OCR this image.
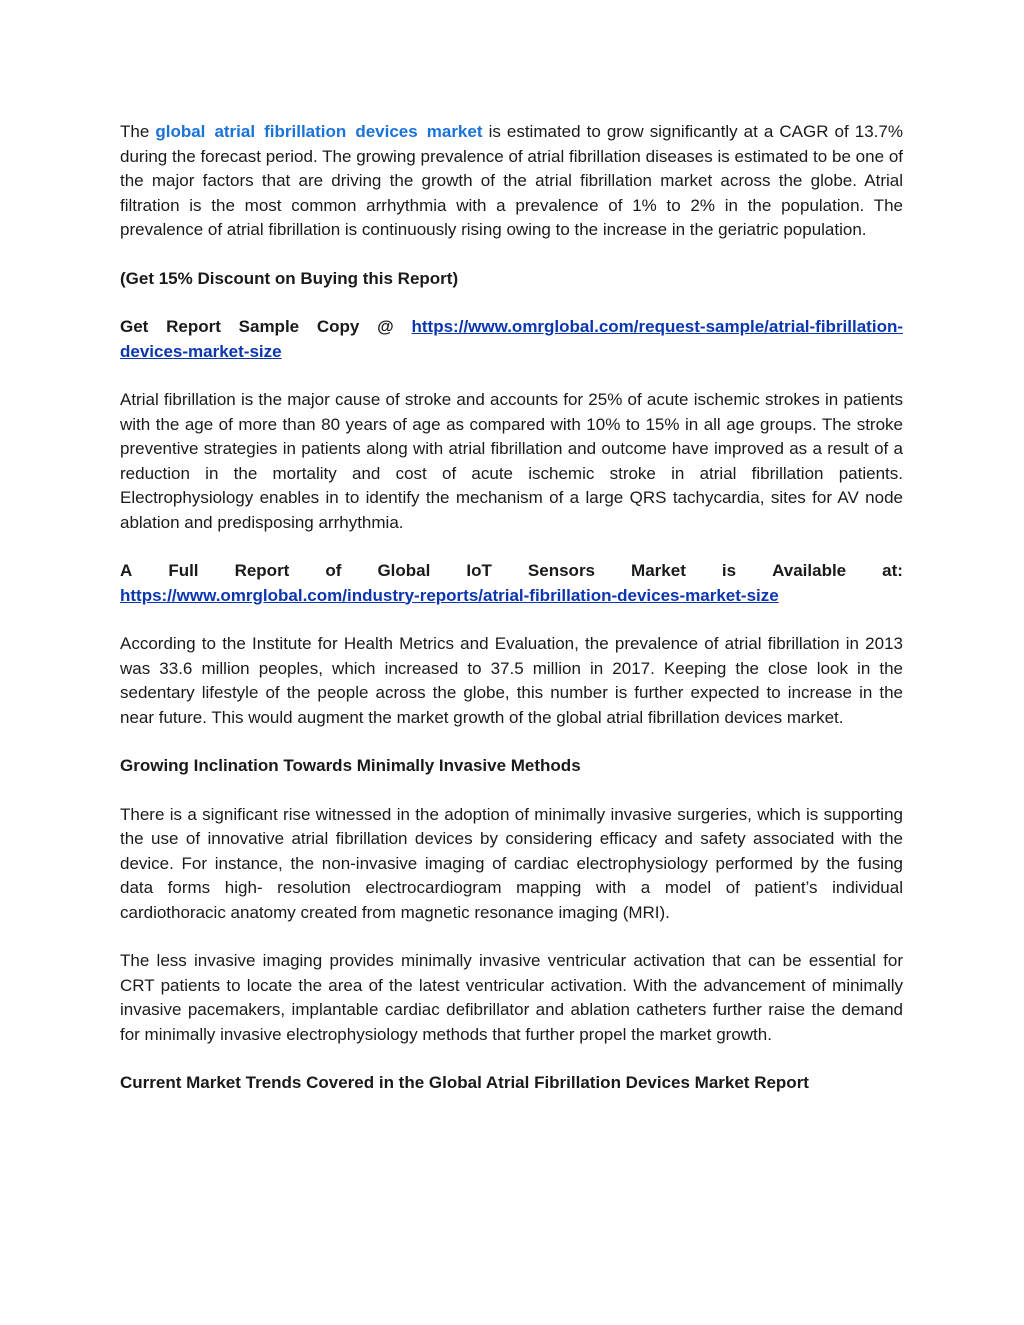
The global atrial fibrillation devices market is estimated to grow significantly at a CAGR of 13.7% during the forecast period. The growing prevalence of atrial fibrillation diseases is estimated to be one of the major factors that are driving the growth of the atrial fibrillation market across the globe. Atrial filtration is the most common arrhythmia with a prevalence of 1% to 2% in the population. The prevalence of atrial fibrillation is continuously rising owing to the increase in the geriatric population.

(Get 15% Discount on Buying this Report)

Get Report Sample Copy @ https://www.omrglobal.com/request-sample/atrial-fibrillation-devices-market-size

Atrial fibrillation is the major cause of stroke and accounts for 25% of acute ischemic strokes in patients with the age of more than 80 years of age as compared with 10% to 15% in all age groups. The stroke preventive strategies in patients along with atrial fibrillation and outcome have improved as a result of a reduction in the mortality and cost of acute ischemic stroke in atrial fibrillation patients. Electrophysiology enables in to identify the mechanism of a large QRS tachycardia, sites for AV node ablation and predisposing arrhythmia.

A Full Report of Global IoT Sensors Market is Available at:

https://www.omrglobal.com/industry-reports/atrial-fibrillation-devices-market-size

According to the Institute for Health Metrics and Evaluation, the prevalence of atrial fibrillation in 2013 was 33.6 million peoples, which increased to 37.5 million in 2017. Keeping the close look in the sedentary lifestyle of the people across the globe, this number is further expected to increase in the near future. This would augment the market growth of the global atrial fibrillation devices market.

Growing Inclination Towards Minimally Invasive Methods

There is a significant rise witnessed in the adoption of minimally invasive surgeries, which is supporting the use of innovative atrial fibrillation devices by considering efficacy and safety associated with the device. For instance, the non-invasive imaging of cardiac electrophysiology performed by the fusing data forms high- resolution electrocardiogram mapping with a model of patient’s individual cardiothoracic anatomy created from magnetic resonance imaging (MRI).

The less invasive imaging provides minimally invasive ventricular activation that can be essential for CRT patients to locate the area of the latest ventricular activation. With the advancement of minimally invasive pacemakers, implantable cardiac defibrillator and ablation catheters further raise the demand for minimally invasive electrophysiology methods that further propel the market growth.

Current Market Trends Covered in the Global Atrial Fibrillation Devices Market Report
